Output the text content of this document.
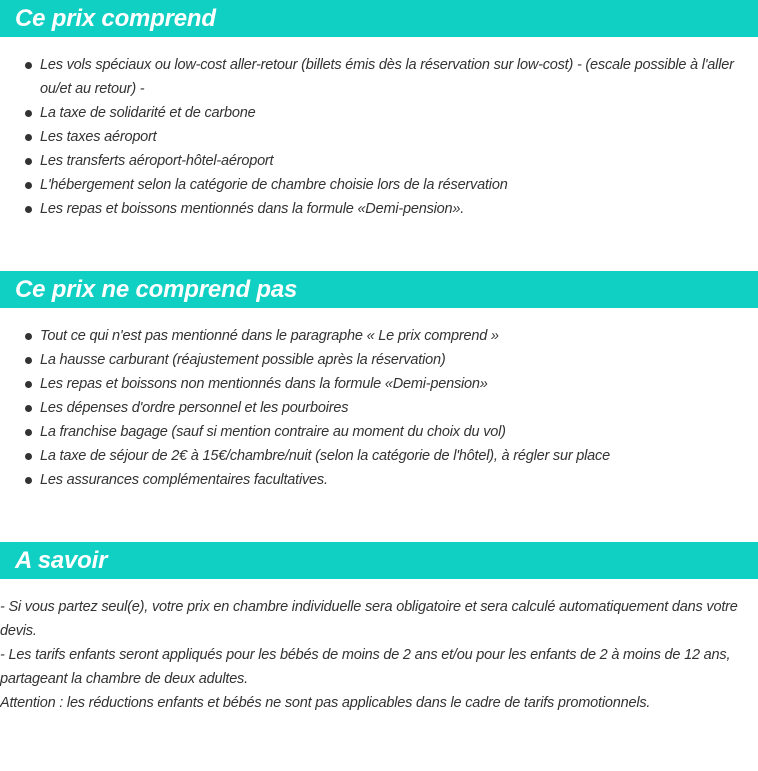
Ce prix comprend
Les vols spéciaux ou low-cost aller-retour (billets émis dès la réservation sur low-cost) - (escale possible à l'aller ou/et au retour) -
La taxe de solidarité et de carbone
Les taxes aéroport
Les transferts aéroport-hôtel-aéroport
L'hébergement selon la catégorie de chambre choisie lors de la réservation
Les repas et boissons mentionnés dans la formule «Demi-pension».
Ce prix ne comprend pas
Tout ce qui n'est pas mentionné dans le paragraphe « Le prix comprend »
La hausse carburant (réajustement possible après la réservation)
Les repas et boissons non mentionnés dans la formule «Demi-pension»
Les dépenses d'ordre personnel et les pourboires
La franchise bagage (sauf si mention contraire au moment du choix du vol)
La taxe de séjour de 2€ à 15€/chambre/nuit (selon la catégorie de l'hôtel), à régler sur place
Les assurances complémentaires facultatives.
A savoir

- Si vous partez seul(e), votre prix en chambre individuelle sera obligatoire et sera calculé automatiquement dans votre devis.

- Les tarifs enfants seront appliqués pour les bébés de moins de 2 ans et/ou pour les enfants de 2 à moins de 12 ans, partageant la chambre de deux adultes.

Attention : les réductions enfants et bébés ne sont pas applicables dans le cadre de tarifs promotionnels.
